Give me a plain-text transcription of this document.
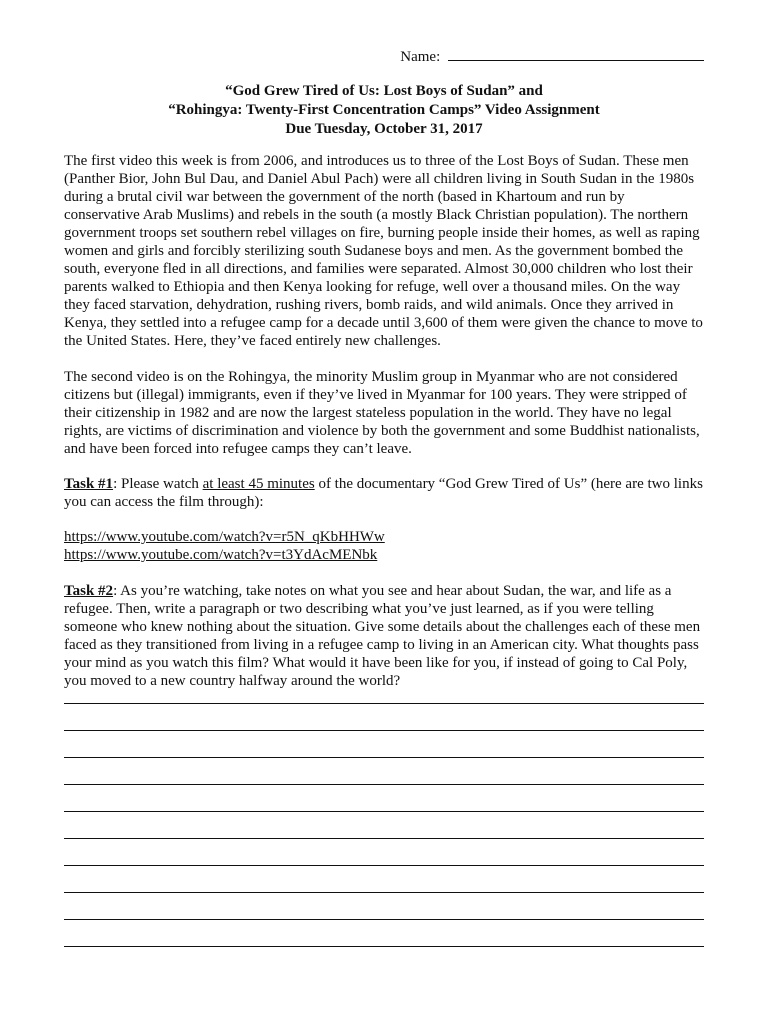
Name:
“God Grew Tired of Us: Lost Boys of Sudan” and
“Rohingya: Twenty-First Concentration Camps” Video Assignment
Due Tuesday, October 31, 2017

The first video this week is from 2006, and introduces us to three of the Lost Boys of Sudan. These men (Panther Bior, John Bul Dau, and Daniel Abul Pach) were all children living in South Sudan in the 1980s during a brutal civil war between the government of the north (based in Khartoum and run by conservative Arab Muslims) and rebels in the south (a mostly Black Christian population). The northern government troops set southern rebel villages on fire, burning people inside their homes, as well as raping women and girls and forcibly sterilizing south Sudanese boys and men. As the government bombed the south, everyone fled in all directions, and families were separated. Almost 30,000 children who lost their parents walked to Ethiopia and then Kenya looking for refuge, well over a thousand miles. On the way they faced starvation, dehydration, rushing rivers, bomb raids, and wild animals. Once they arrived in Kenya, they settled into a refugee camp for a decade until 3,600 of them were given the chance to move to the United States. Here, they’ve faced entirely new challenges.

The second video is on the Rohingya, the minority Muslim group in Myanmar who are not considered citizens but (illegal) immigrants, even if they’ve lived in Myanmar for 100 years. They were stripped of their citizenship in 1982 and are now the largest stateless population in the world. They have no legal rights, are victims of discrimination and violence by both the government and some Buddhist nationalists, and have been forced into refugee camps they can’t leave.

Task #1: Please watch at least 45 minutes of the documentary “God Grew Tired of Us” (here are two links you can access the film through):

https://www.youtube.com/watch?v=r5N_qKbHHWw
https://www.youtube.com/watch?v=t3YdAcMENbk

Task #2: As you’re watching, take notes on what you see and hear about Sudan, the war, and life as a refugee. Then, write a paragraph or two describing what you’ve just learned, as if you were telling someone who knew nothing about the situation. Give some details about the challenges each of these men faced as they transitioned from living in a refugee camp to living in an American city. What thoughts pass your mind as you watch this film? What would it have been like for you, if instead of going to Cal Poly, you moved to a new country halfway around the world?
